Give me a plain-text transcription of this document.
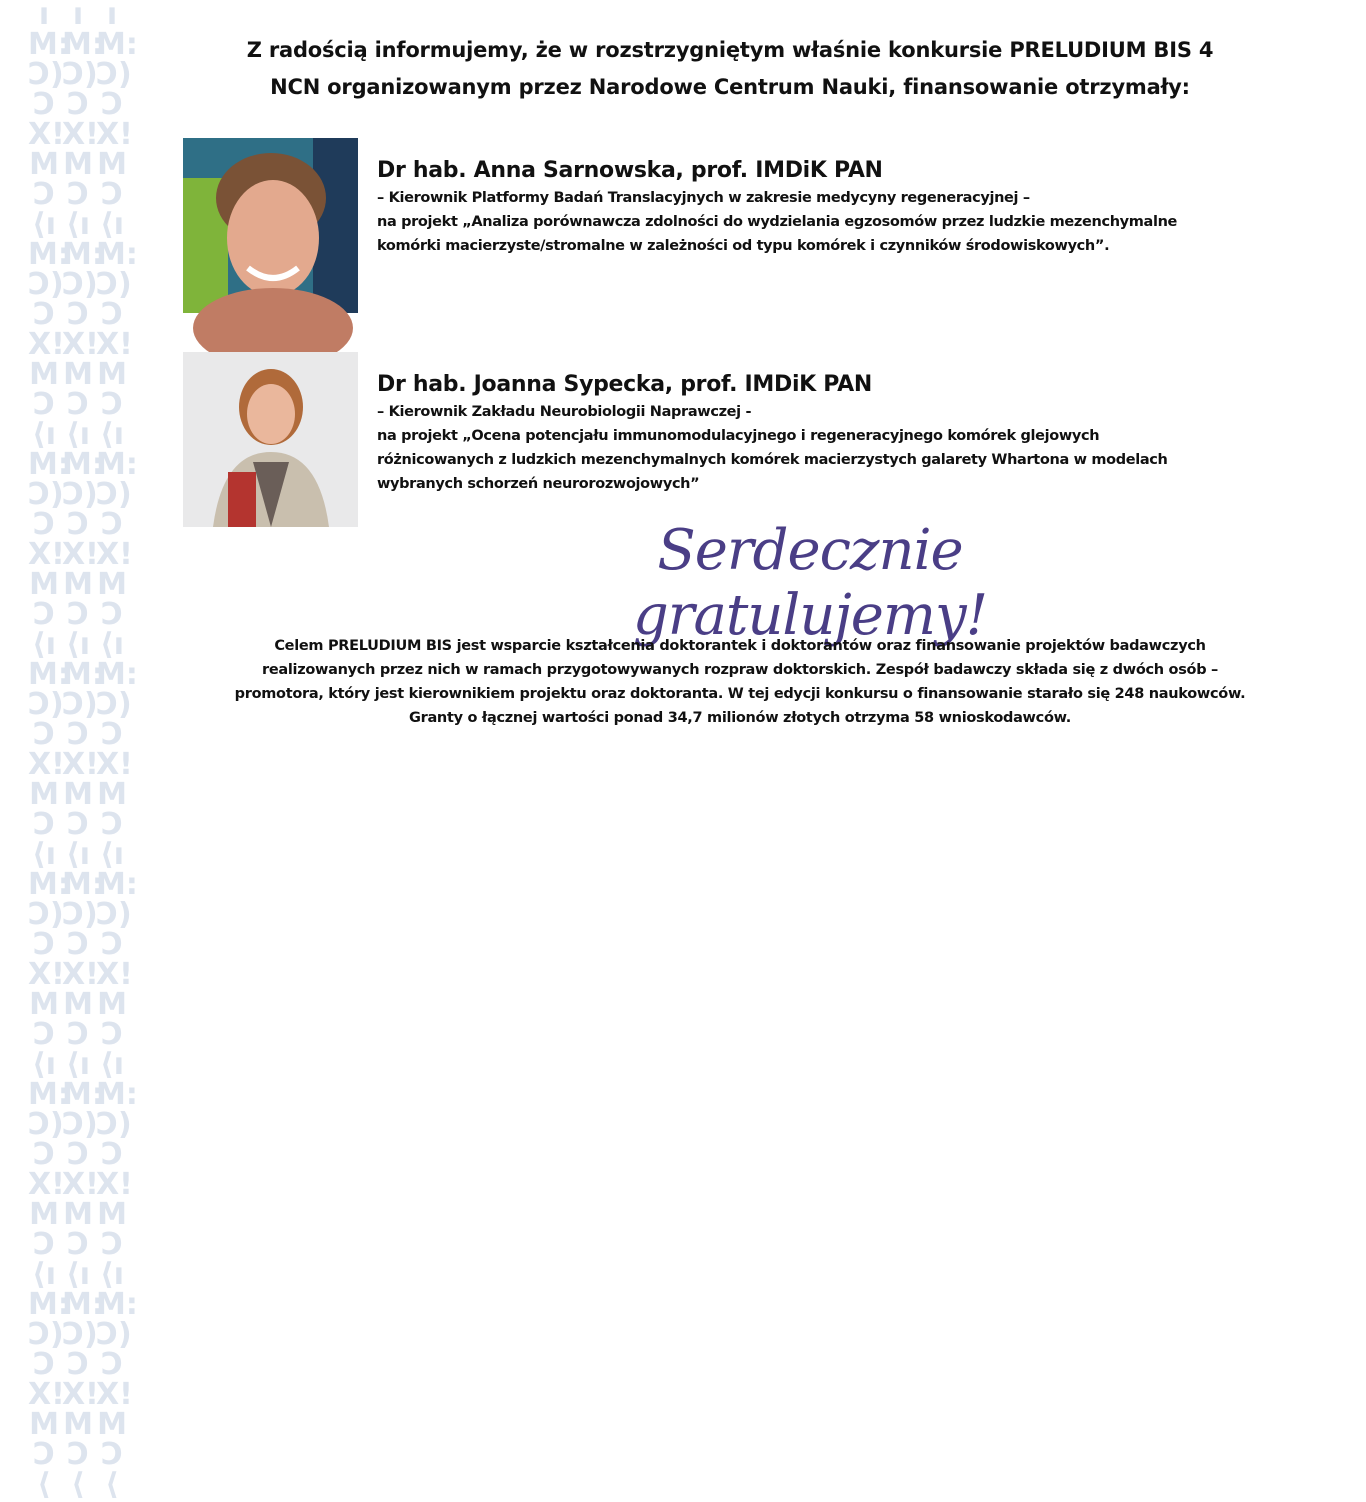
ıM:Ɔ)ϽX!MƆ⟨ıM:Ɔ)ϽX!MƆ⟨ıM:Ɔ)ϽX!MƆ⟨ıM:Ɔ)ϽX!MƆ⟨ıM:Ɔ)ϽX!MƆ⟨ıM:Ɔ)ϽX!MƆ⟨ıM:Ɔ)ϽX!MƆ⟨
ıM:Ɔ)ϽX!MƆ⟨ıM:Ɔ)ϽX!MƆ⟨ıM:Ɔ)ϽX!MƆ⟨ıM:Ɔ)ϽX!MƆ⟨ıM:Ɔ)ϽX!MƆ⟨ıM:Ɔ)ϽX!MƆ⟨ıM:Ɔ)ϽX!MƆ⟨
ıM:Ɔ)ϽX!MƆ⟨ıM:Ɔ)ϽX!MƆ⟨ıM:Ɔ)ϽX!MƆ⟨ıM:Ɔ)ϽX!MƆ⟨ıM:Ɔ)ϽX!MƆ⟨ıM:Ɔ)ϽX!MƆ⟨ıM:Ɔ)ϽX!MƆ⟨
Z radością informujemy, że w rozstrzygniętym właśnie konkursie PRELUDIUM BIS 4
NCN organizowanym przez Narodowe Centrum Nauki, finansowanie otrzymały:
Dr hab. Anna Sarnowska, prof. IMDiK PAN
– Kierownik Platformy Badań Translacyjnych w zakresie medycyny regeneracyjnej –
na projekt „Analiza porównawcza zdolności do wydzielania egzosomów przez ludzkie mezenchymalne
komórki macierzyste/stromalne w zależności od typu komórek i czynników środowiskowych”.
Dr hab. Joanna Sypecka, prof. IMDiK PAN
– Kierownik Zakładu Neurobiologii Naprawczej -
na projekt „Ocena potencjału immunomodulacyjnego i regeneracyjnego komórek glejowych
różnicowanych z ludzkich mezenchymalnych komórek macierzystych galarety Whartona w modelach
wybranych schorzeń neurorozwojowych”
Serdecznie gratulujemy!
Celem PRELUDIUM BIS jest wsparcie kształcenia doktorantek i doktorantów oraz finansowanie projektów badawczych
realizowanych przez nich w ramach przygotowywanych rozpraw doktorskich. Zespół badawczy składa się z dwóch osób –
promotora, który jest kierownikiem projektu oraz doktoranta. W tej edycji konkursu o finansowanie starało się 248 naukowców.
Granty o łącznej wartości ponad 34,7 milionów złotych otrzyma 58 wnioskodawców.
